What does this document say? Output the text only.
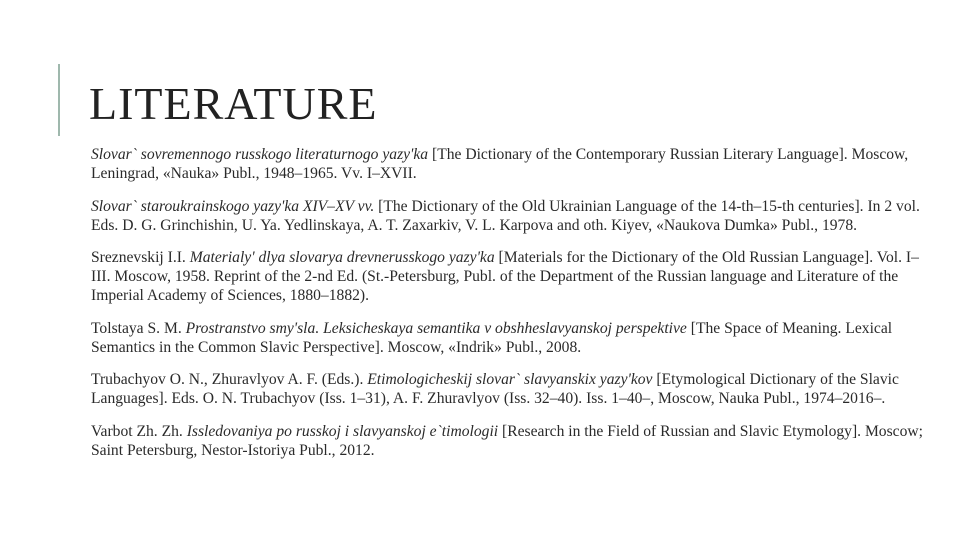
LITERATURE
Slovar` sovremennogo russkogo literaturnogo yazy'ka [The Dictionary of the Contemporary Russian Literary Language]. Moscow, Leningrad, «Nauka» Publ., 1948–1965. Vv. I–XVII.
Slovar` staroukrainskogo yazy'ka XIV–XV vv. [The Dictionary of the Old Ukrainian Language of the 14-th–15-th centuries]. In 2 vol. Eds. D. G. Grinchishin, U. Ya. Yedlinskaya, A. T. Zaxarkiv, V. L. Karpova and oth. Kiyev, «Naukova Dumka» Publ., 1978.
Sreznevskij I.I. Materialy' dlya slovarya drevnerusskogo yazy'ka [Materials for the Dictionary of the Old Russian Language]. Vol. I–III. Moscow, 1958. Reprint of the 2-nd Ed. (St.-Petersburg, Publ. of the Department of the Russian language and Literature of the Imperial Academy of Sciences, 1880–1882).
Tolstaya S. M. Prostranstvo smy'sla. Leksicheskaya semantika v obshheslavyanskoj perspektive [The Space of Meaning. Lexical Semantics in the Common Slavic Perspective]. Moscow, «Indrik» Publ., 2008.
Trubachyov O. N., Zhuravlyov A. F. (Eds.). Etimologicheskij slovar` slavyanskix yazy'kov [Etymological Dictionary of the Slavic Languages]. Eds. O. N. Trubachyov (Iss. 1–31), A. F. Zhuravlyov (Iss. 32–40). Iss. 1–40–, Moscow, Nauka Publ., 1974–2016–.
Varbot Zh. Zh. Issledovaniya po russkoj i slavyanskoj e`timologii [Research in the Field of Russian and Slavic Etymology]. Moscow; Saint Petersburg, Nestor-Istoriya Publ., 2012.
